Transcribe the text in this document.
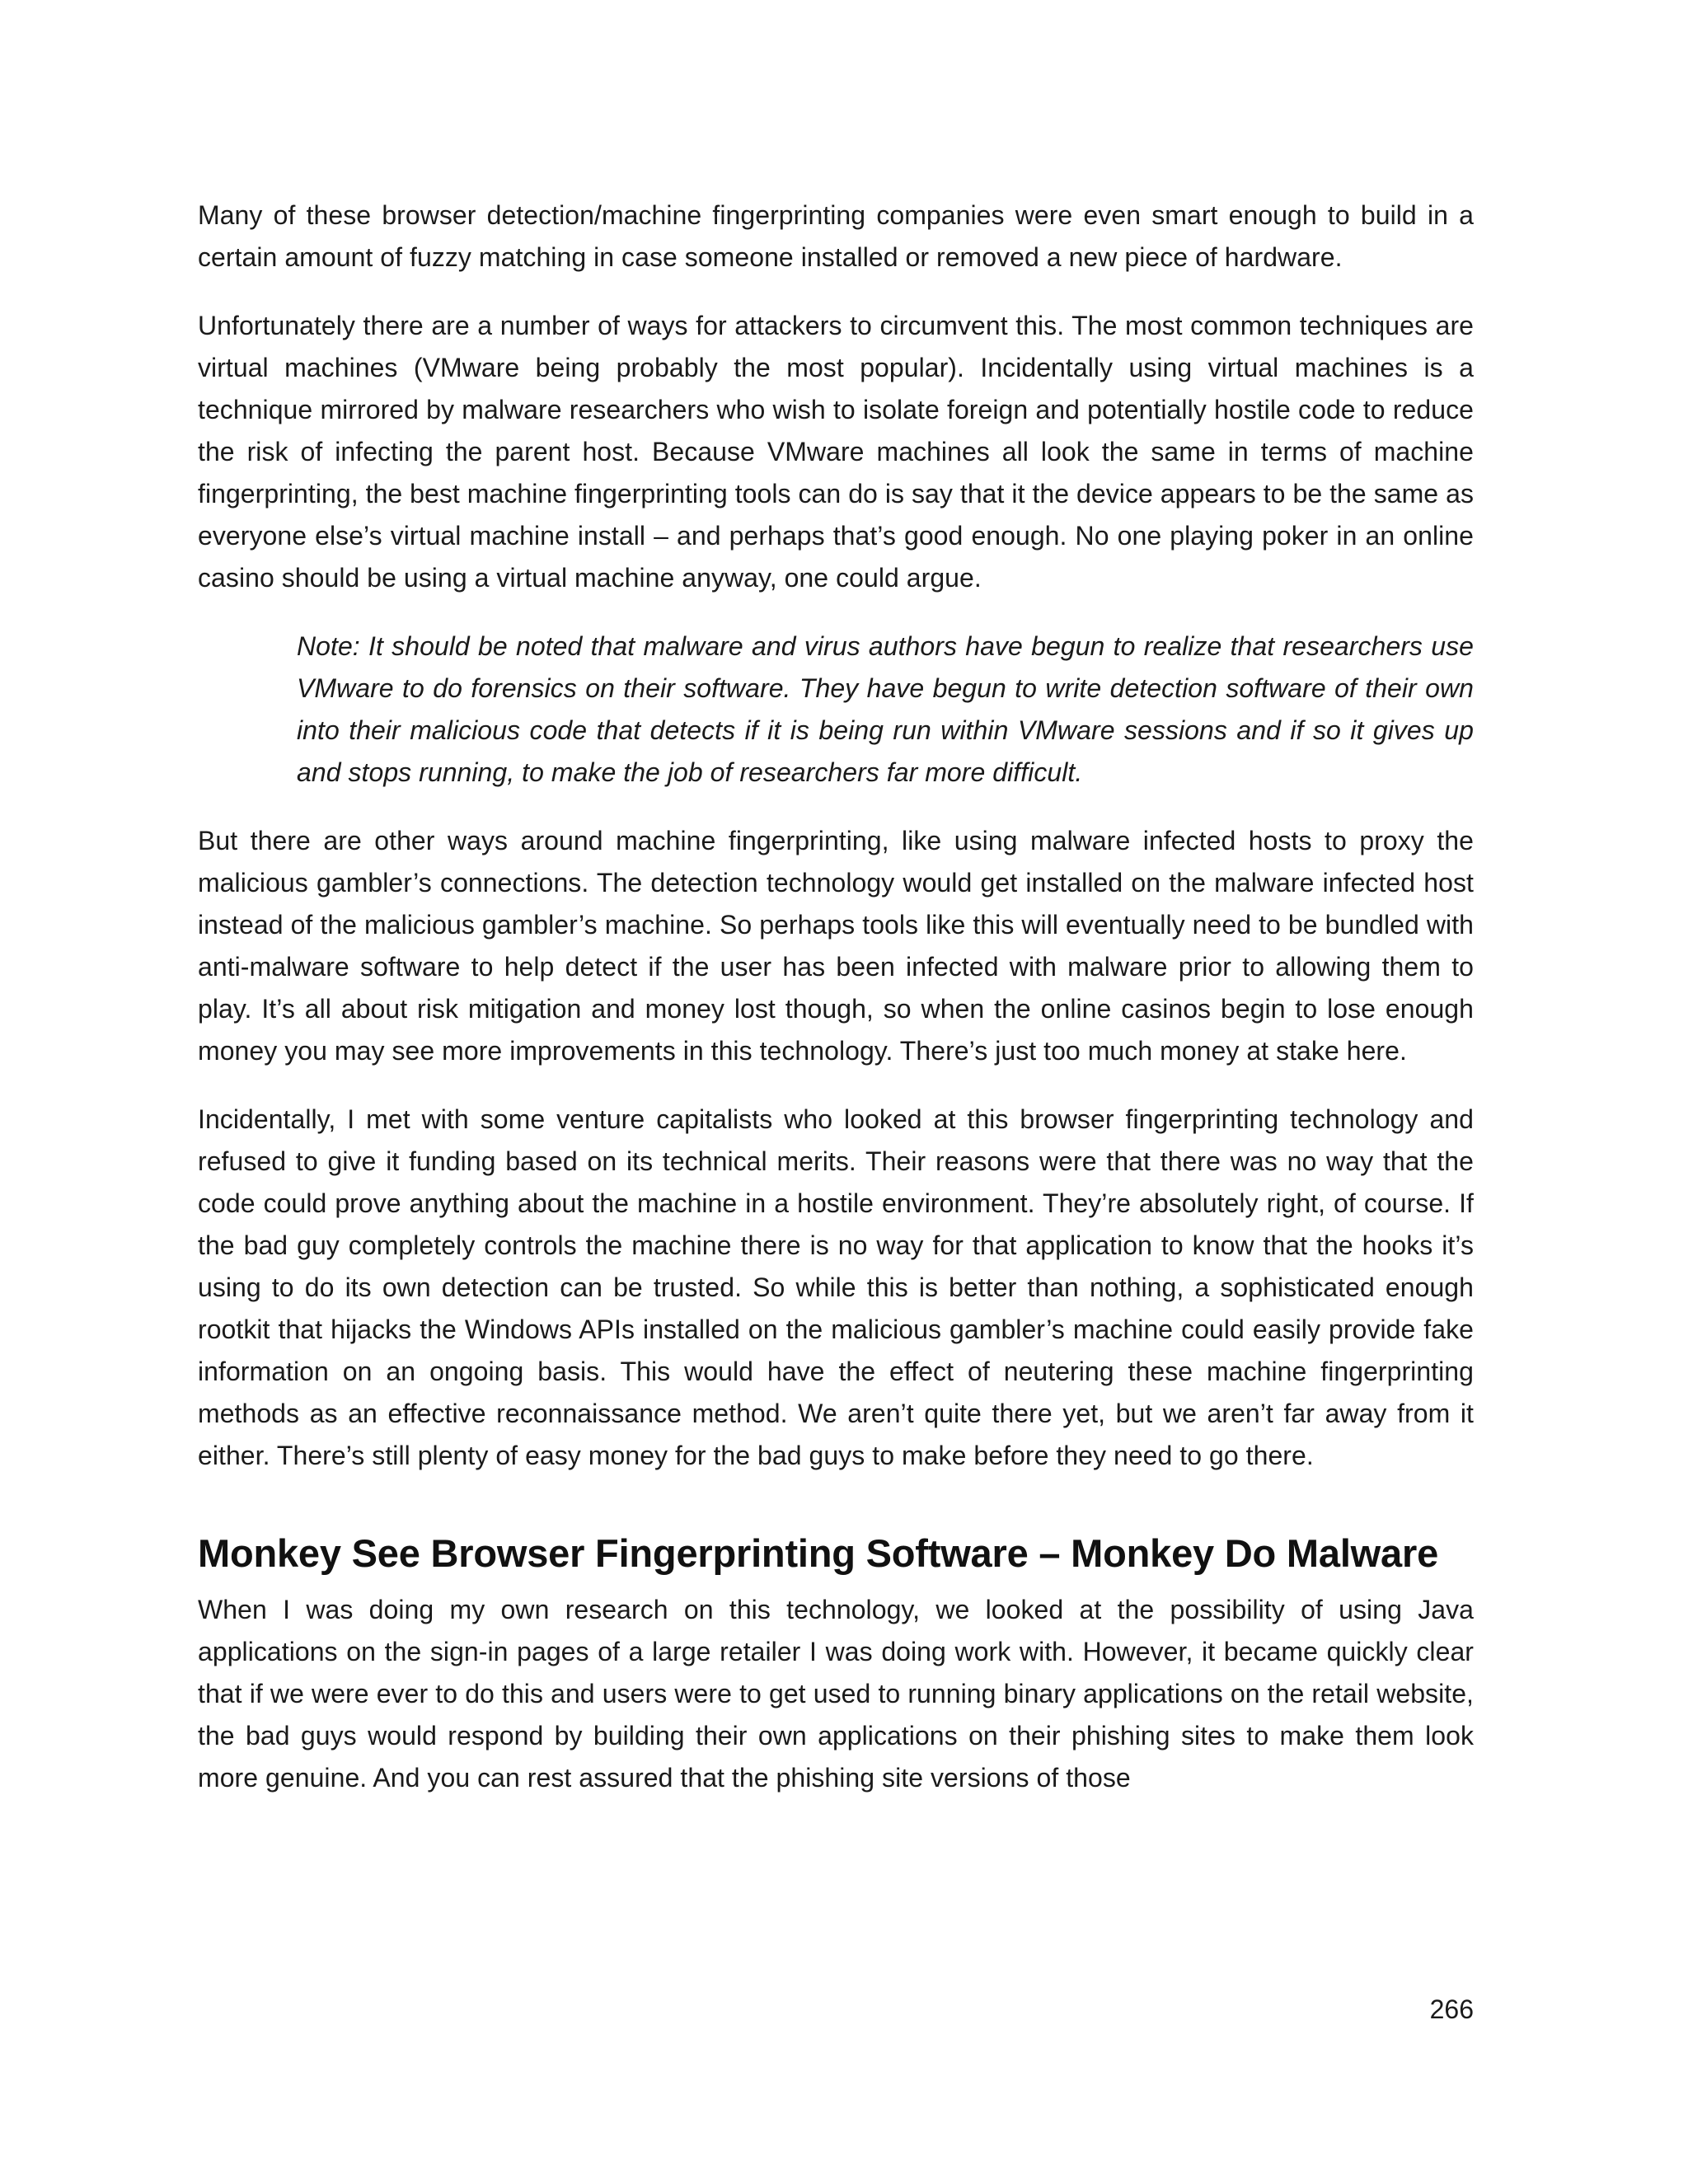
Many of these browser detection/machine fingerprinting companies were even smart enough to build in a certain amount of fuzzy matching in case someone installed or removed a new piece of hardware.

Unfortunately there are a number of ways for attackers to circumvent this. The most common techniques are virtual machines (VMware being probably the most popular). Incidentally using virtual machines is a technique mirrored by malware researchers who wish to isolate foreign and potentially hostile code to reduce the risk of infecting the parent host. Because VMware machines all look the same in terms of machine fingerprinting, the best machine fingerprinting tools can do is say that it the device appears to be the same as everyone else’s virtual machine install – and perhaps that’s good enough. No one playing poker in an online casino should be using a virtual machine anyway, one could argue.

Note: It should be noted that malware and virus authors have begun to realize that researchers use VMware to do forensics on their software. They have begun to write detection software of their own into their malicious code that detects if it is being run within VMware sessions and if so it gives up and stops running, to make the job of researchers far more difficult.

But there are other ways around machine fingerprinting, like using malware infected hosts to proxy the malicious gambler’s connections. The detection technology would get installed on the malware infected host instead of the malicious gambler’s machine. So perhaps tools like this will eventually need to be bundled with anti-malware software to help detect if the user has been infected with malware prior to allowing them to play. It’s all about risk mitigation and money lost though, so when the online casinos begin to lose enough money you may see more improvements in this technology. There’s just too much money at stake here.

Incidentally, I met with some venture capitalists who looked at this browser fingerprinting technology and refused to give it funding based on its technical merits. Their reasons were that there was no way that the code could prove anything about the machine in a hostile environment. They’re absolutely right, of course. If the bad guy completely controls the machine there is no way for that application to know that the hooks it’s using to do its own detection can be trusted. So while this is better than nothing, a sophisticated enough rootkit that hijacks the Windows APIs installed on the malicious gambler’s machine could easily provide fake information on an ongoing basis. This would have the effect of neutering these machine fingerprinting methods as an effective reconnaissance method. We aren’t quite there yet, but we aren’t far away from it either. There’s still plenty of easy money for the bad guys to make before they need to go there.

Monkey See Browser Fingerprinting Software – Monkey Do Malware

When I was doing my own research on this technology, we looked at the possibility of using Java applications on the sign-in pages of a large retailer I was doing work with. However, it became quickly clear that if we were ever to do this and users were to get used to running binary applications on the retail website, the bad guys would respond by building their own applications on their phishing sites to make them look more genuine. And you can rest assured that the phishing site versions of those

266
